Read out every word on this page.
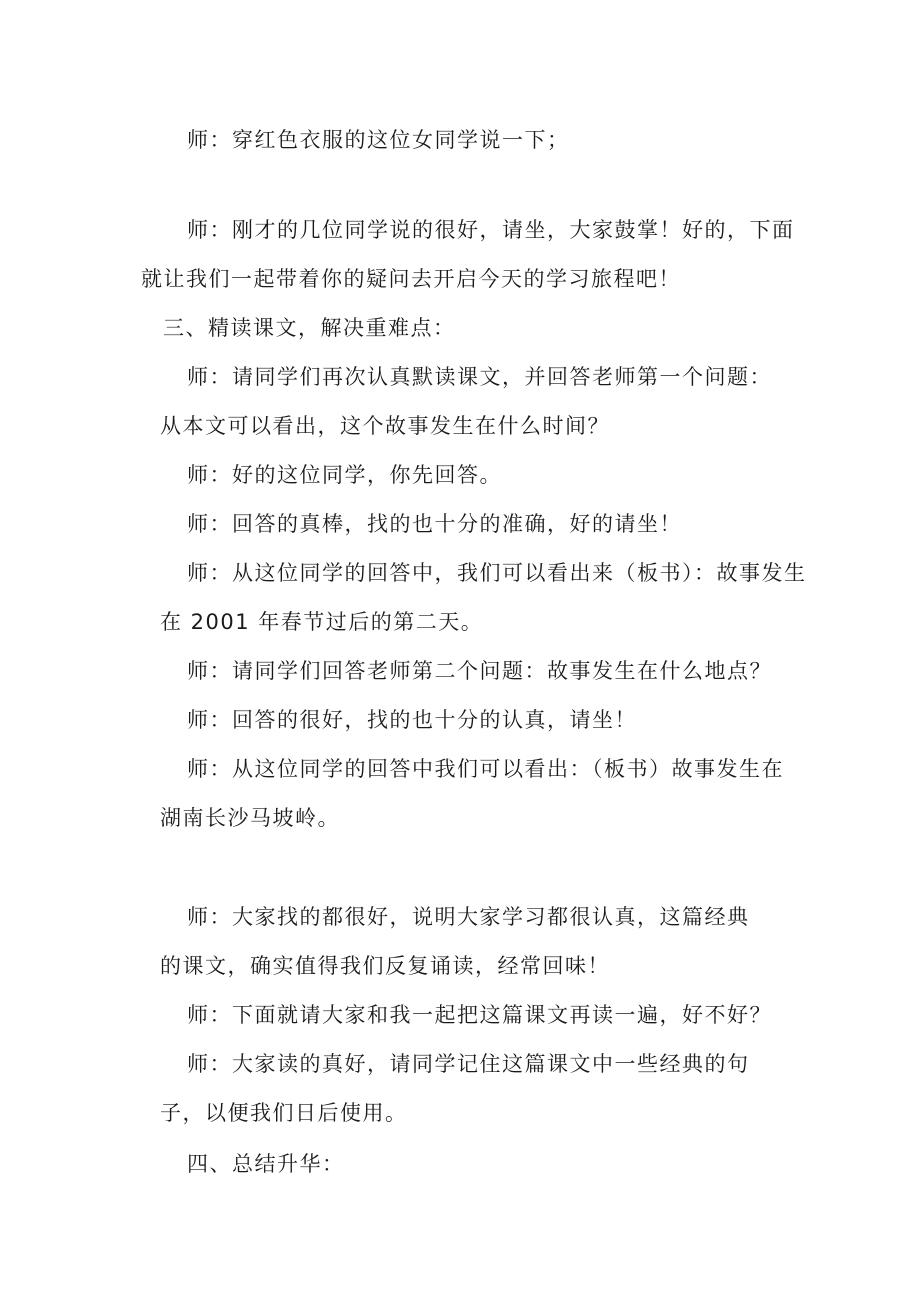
师：穿红色衣服的这位女同学说一下；
师：刚才的几位同学说的很好，请坐，大家鼓掌！好的，下面
就让我们一起带着你的疑问去开启今天的学习旅程吧！
三、精读课文，解决重难点：
师：请同学们再次认真默读课文，并回答老师第一个问题：
从本文可以看出，这个故事发生在什么时间？
师：好的这位同学，你先回答。
师：回答的真棒，找的也十分的准确，好的请坐！
师：从这位同学的回答中，我们可以看出来（板书）：故事发生
在 2001 年春节过后的第二天。
师：请同学们回答老师第二个问题：故事发生在什么地点？
师：回答的很好，找的也十分的认真，请坐！
师：从这位同学的回答中我们可以看出：（板书）故事发生在
湖南长沙马坡岭。
师：大家找的都很好，说明大家学习都很认真，这篇经典
的课文，确实值得我们反复诵读，经常回味！
师：下面就请大家和我一起把这篇课文再读一遍，好不好？
师：大家读的真好，请同学记住这篇课文中一些经典的句
子，以便我们日后使用。
四、总结升华：
